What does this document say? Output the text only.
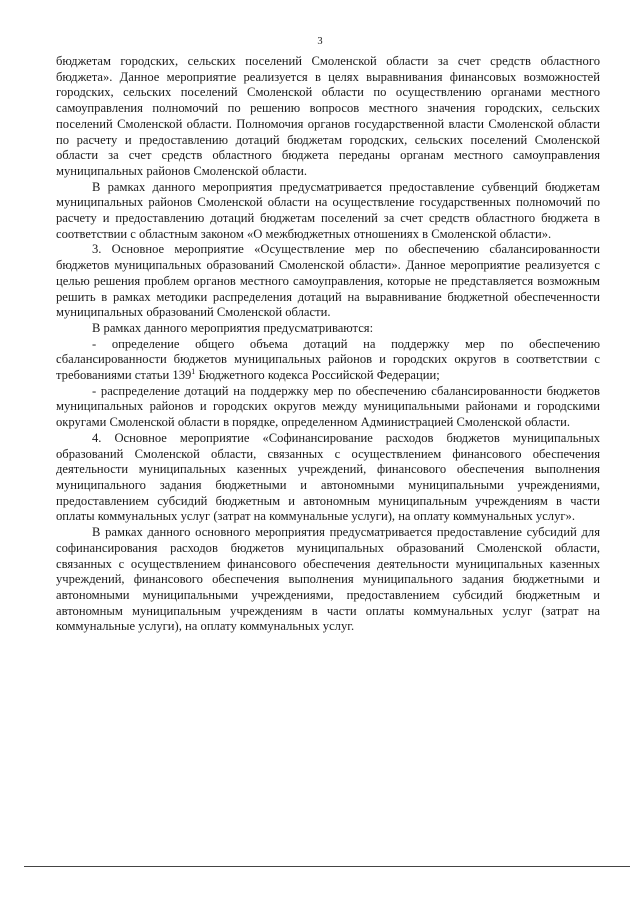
3

бюджетам городских, сельских поселений Смоленской области за счет средств областного бюджета». Данное мероприятие реализуется в целях выравнивания финансовых возможностей городских, сельских поселений Смоленской области по осуществлению органами местного самоуправления полномочий по решению вопросов местного значения городских, сельских поселений Смоленской области. Полномочия органов государственной власти Смоленской области по расчету и предоставлению дотаций бюджетам городских, сельских поселений Смоленской области за счет средств областного бюджета переданы органам местного самоуправления муниципальных районов Смоленской области.

В рамках данного мероприятия предусматривается предоставление субвенций бюджетам муниципальных районов Смоленской области на осуществление государственных полномочий по расчету и предоставлению дотаций бюджетам поселений за счет средств областного бюджета в соответствии с областным законом «О межбюджетных отношениях в Смоленской области».

3. Основное мероприятие «Осуществление мер по обеспечению сбалансированности бюджетов муниципальных образований Смоленской области». Данное мероприятие реализуется с целью решения проблем органов местного самоуправления, которые не представляется возможным решить в рамках методики распределения дотаций на выравнивание бюджетной обеспеченности муниципальных образований Смоленской области.

В рамках данного мероприятия предусматриваются:

- определение общего объема дотаций на поддержку мер по обеспечению сбалансированности бюджетов муниципальных районов и городских округов в соответствии с требованиями статьи $139^1$ Бюджетного кодекса Российской Федерации;

- распределение дотаций на поддержку мер по обеспечению сбалансированности бюджетов муниципальных районов и городских округов между муниципальными районами и городскими округами Смоленской области в порядке, определенном Администрацией Смоленской области.

4. Основное мероприятие «Софинансирование расходов бюджетов муниципальных образований Смоленской области, связанных с осуществлением финансового обеспечения деятельности муниципальных казенных учреждений, финансового обеспечения выполнения муниципального задания бюджетными и автономными муниципальными учреждениями, предоставлением субсидий бюджетным и автономным муниципальным учреждениям в части оплаты коммунальных услуг (затрат на коммунальные услуги), на оплату коммунальных услуг».

В рамках данного основного мероприятия предусматривается предоставление субсидий для софинансирования расходов бюджетов муниципальных образований Смоленской области, связанных с осуществлением финансового обеспечения деятельности муниципальных казенных учреждений, финансового обеспечения выполнения муниципального задания бюджетными и автономными муниципальными учреждениями, предоставлением субсидий бюджетным и автономным муниципальным учреждениям в части оплаты коммунальных услуг (затрат на коммунальные услуги), на оплату коммунальных услуг.
